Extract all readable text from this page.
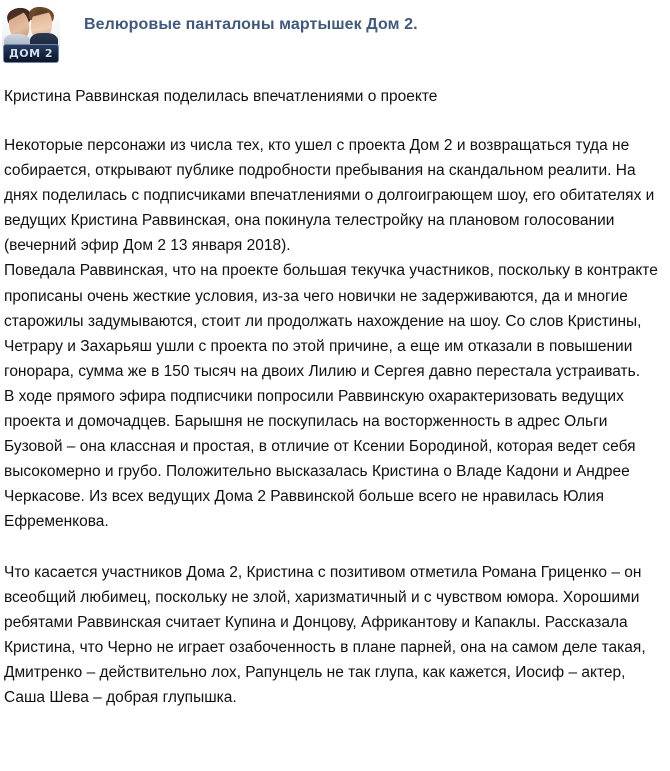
ДОМ 2
Велюровые панталоны мартышек Дом 2.
Кристина Раввинская поделилась впечатлениями о проекте

Некоторые персонажи из числа тех, кто ушел с проекта Дом 2 и возвращаться туда не собирается, открывают публике подробности пребывания на скандальном реалити. На днях поделилась с подписчиками впечатлениями о долгоиграющем шоу, его обитателях и ведущих Кристина Раввинская, она покинула телестройку на плановом голосовании (вечерний эфир Дом 2 13 января 2018).

Поведала Раввинская, что на проекте большая текучка участников, поскольку в контракте прописаны очень жесткие условия, из-за чего новички не задерживаются, да и многие старожилы задумываются, стоит ли продолжать нахождение на шоу. Со слов Кристины, Четрару и Захарьяш ушли с проекта по этой причине, а еще им отказали в повышении гонорара, сумма же в 150 тысяч на двоих Лилию и Сергея давно перестала устраивать.

В ходе прямого эфира подписчики попросили Раввинскую охарактеризовать ведущих проекта и домочадцев. Барышня не поскупилась на восторженность в адрес Ольги Бузовой – она классная и простая, в отличие от Ксении Бородиной, которая ведет себя высокомерно и грубо. Положительно высказалась Кристина о Владе Кадони и Андрее Черкасове. Из всех ведущих Дома 2 Раввинской больше всего не нравилась Юлия Ефременкова.

Что касается участников Дома 2, Кристина с позитивом отметила Романа Гриценко – он всеобщий любимец, поскольку не злой, харизматичный и с чувством юмора. Хорошими ребятами Раввинская считает Купина и Донцову, Африкантову и Капаклы. Рассказала Кристина, что Черно не играет озабоченность в плане парней, она на самом деле такая, Дмитренко – действительно лох, Рапунцель не так глупа, как кажется, Иосиф – актер, Саша Шева – добрая глупышка.
